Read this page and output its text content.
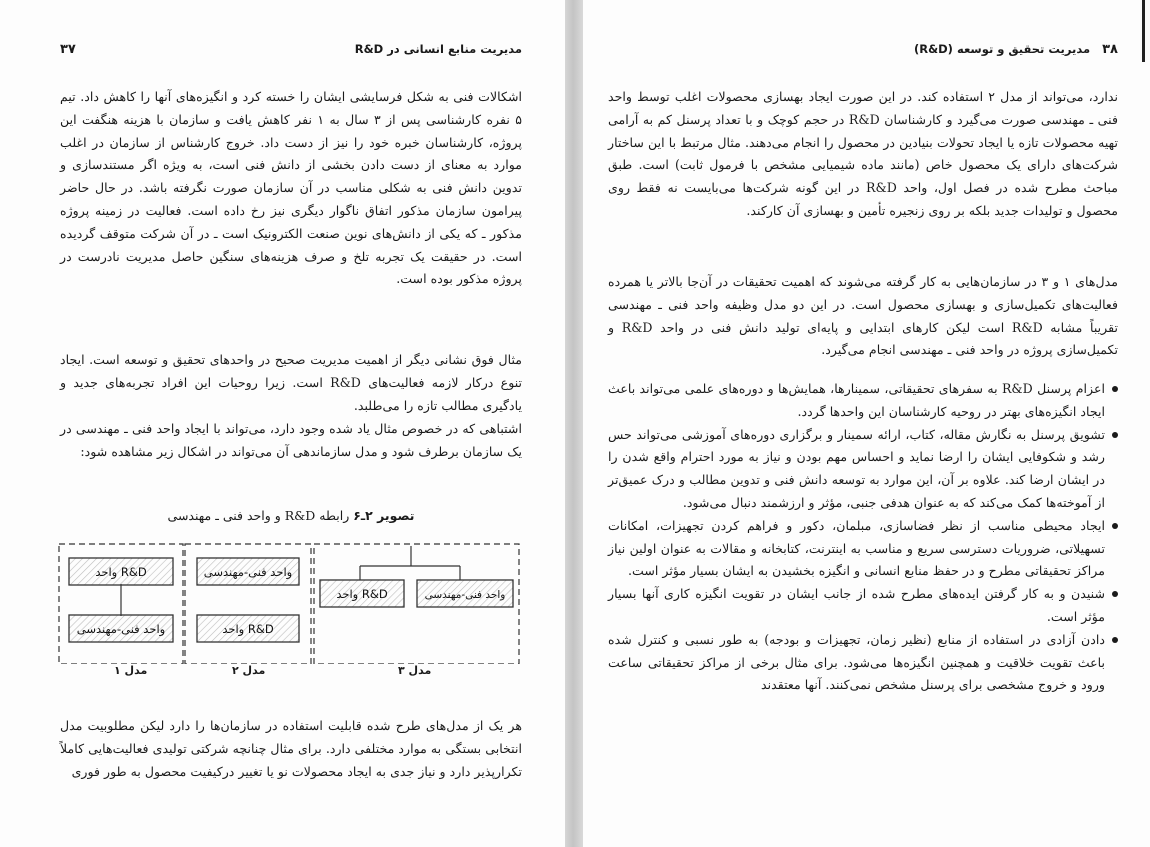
مدیریت منابع انسانی در

R&D
۳۷

اشکالات فنی به شکل فرسایشی ایشان را خسته کرد و انگیزه‌های آنها را کاهش داد. تیم ۵ نفره کارشناسی پس از ۳ سال به ۱ نفر کاهش یافت و سازمان با هزینه هنگفت این پروژه، کارشناسان خبره خود را نیز از دست داد. خروج کارشناس از سازمان در اغلب موارد به معنای از دست دادن بخشی از دانش فنی است، به ویژه اگر مستندسازی و تدوین دانش فنی به شکلی مناسب در آن سازمان صورت نگرفته باشد. در حال حاضر پیرامون سازمان مذکور اتفاق ناگوار دیگری نیز رخ داده است. فعالیت در زمینه پروژه مذکور ـ که یکی از دانش‌های نوین صنعت الکترونیک است ـ در آن شرکت متوقف گردیده است. در حقیقت یک تجربه تلخ و صرف هزینه‌های سنگین حاصل مدیریت نادرست در پروژه مذکور بوده است.

مثال فوق نشانی دیگر از اهمیت مدیریت صحیح در واحدهای تحقیق و توسعه است. ایجاد تنوع درکار لازمه فعالیت‌های R&D است. زیرا روحیات این افراد تجربه‌های جدید و یادگیری مطالب تازه را می‌طلبد.

اشتباهی که در خصوص مثال یاد شده وجود دارد، می‌تواند با ایجاد واحد فنی ـ مهندسی در یک سازمان برطرف شود و مدل سازماندهی آن می‌تواند در اشکال زیر مشاهده شود:

تصویر ۲ـ۶ رابطه R&D و واحد فنی ـ مهندسی
واحد R&D
واحد فنی-مهندسی
واحد فنی-مهندسی
واحد R&D
واحد R&D	واحد فنی-مهندسی
مدل ۱	مدل ۲	مدل ۳

هر یک از مدل‌های طرح شده قابلیت استفاده در سازمان‌ها را دارد لیکن مطلوبیت مدل انتخابی بستگی به موارد مختلفی دارد. برای مثال چنانچه شرکتی تولیدی فعالیت‌هایی کاملاً تکرارپذیر دارد و نیاز جدی به ایجاد محصولات نو یا تغییر درکیفیت محصول به طور فوری

۳۸

مدیریت تحقیق و توسعه

(R&D)

ندارد، می‌تواند از مدل ۲ استفاده کند. در این صورت ایجاد بهسازی محصولات اغلب توسط واحد فنی ـ مهندسی صورت می‌گیرد و کارشناسان R&D در حجم کوچک و با تعداد پرسنل کم به آرامی تهیه محصولات تازه یا ایجاد تحولات بنیادین در محصول را انجام می‌دهند. مثال مرتبط با این ساختار شرکت‌های دارای یک محصول خاص (مانند ماده شیمیایی مشخص با فرمول ثابت) است. طبق مباحث مطرح شده در فصل اول، واحد R&D در این گونه شرکت‌ها می‌بایست نه فقط روی محصول و تولیدات جدید بلکه بر روی زنجیره تأمین و بهسازی آن کارکند.

مدل‌های ۱ و ۳ در سازمان‌هایی به کار گرفته می‌شوند که اهمیت تحقیقات در آن‌جا بالاتر یا همرده فعالیت‌های تکمیل‌سازی و بهسازی محصول است. در این دو مدل وظیفه واحد فنی ـ مهندسی تقریباً مشابه R&D است لیکن کارهای ابتدایی و پایه‌ای تولید دانش فنی در واحد R&D و تکمیل‌سازی پروژه در واحد فنی ـ مهندسی انجام می‌گیرد.

اعزام پرسنل R&D به سفرهای تحقیقاتی، سمینارها، همایش‌ها و دوره‌های علمی می‌تواند باعث ایجاد انگیزه‌های بهتر در روحیه کارشناسان این واحدها گردد.
تشویق پرسنل به نگارش مقاله، کتاب، ارائه سمینار و برگزاری دوره‌های آموزشی می‌تواند حس رشد و شکوفایی ایشان را ارضا نماید و احساس مهم بودن و نیاز به مورد احترام واقع شدن را در ایشان ارضا کند. علاوه بر آن، این موارد به توسعه دانش فنی و تدوین مطالب و درک عمیق‌تر از آموخته‌ها کمک می‌کند که به عنوان هدفی جنبی، مؤثر و ارزشمند دنبال می‌شود.
ایجاد محیطی مناسب از نظر فضاسازی، مبلمان، دکور و فراهم کردن تجهیزات، امکانات تسهیلاتی، ضروریات دسترسی سریع و مناسب به اینترنت، کتابخانه و مقالات به عنوان اولین نیاز مراکز تحقیقاتی مطرح و در حفظ منابع انسانی و انگیزه بخشیدن به ایشان بسیار مؤثر است.
شنیدن و به کار گرفتن ایده‌های مطرح شده از جانب ایشان در تقویت انگیزه کاری آنها بسیار مؤثر است.
دادن آزادی در استفاده از منابع (نظیر زمان، تجهیزات و بودجه) به طور نسبی و کنترل شده باعث تقویت خلاقیت و همچنین انگیزه‌ها می‌شود. برای مثال برخی از مراکز تحقیقاتی ساعت ورود و خروج مشخصی برای پرسنل مشخص نمی‌کنند. آنها معتقدند
